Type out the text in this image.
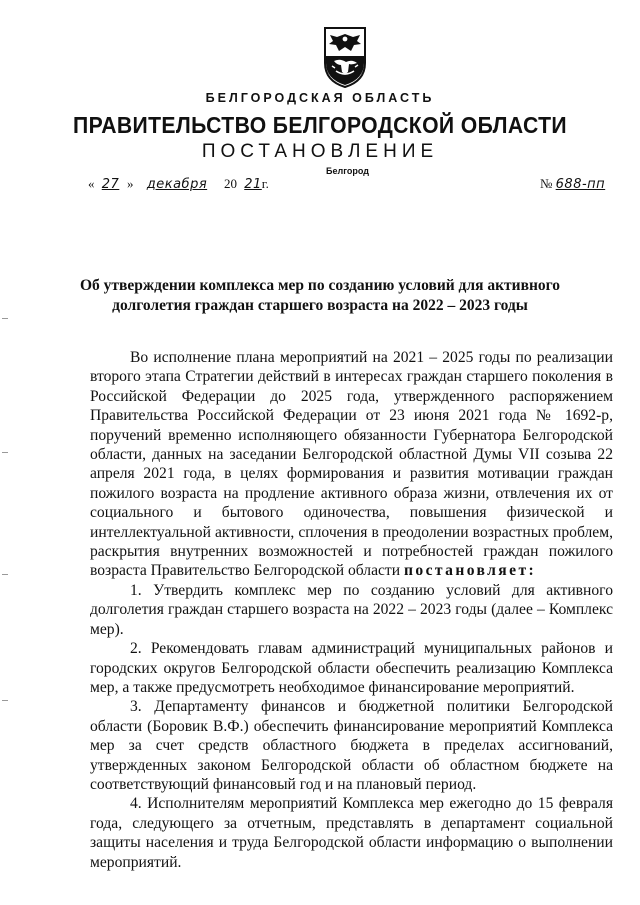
БЕЛГОРОДСКАЯ ОБЛАСТЬ
ПРАВИТЕЛЬСТВО БЕЛГОРОДСКОЙ ОБЛАСТИ
ПОСТАНОВЛЕНИЕ
Белгород
« 27 » декабря 20 21г.	№ 688-пп
Об утверждении комплекса мер по созданию условий для активного
долголетия граждан старшего возраста на 2022 – 2023 годы

Во исполнение плана мероприятий на 2021 – 2025 годы по реализации второго этапа Стратегии действий в интересах граждан старшего поколения в Российской Федерации до 2025 года, утвержденного распоряжением Правительства Российской Федерации от 23 июня 2021 года № 1692-р, поручений временно исполняющего обязанности Губернатора Белгородской области, данных на заседании Белгородской областной Думы VII созыва 22 апреля 2021 года, в целях формирования и развития мотивации граждан пожилого возраста на продление активного образа жизни, отвлечения их от социального и бытового одиночества, повышения физической и интеллектуальной активности, сплочения в преодолении возрастных проблем, раскрытия внутренних возможностей и потребностей граждан пожилого возраста Правительство Белгородской области постановляет:

1. Утвердить комплекс мер по созданию условий для активного долголетия граждан старшего возраста на 2022 – 2023 годы (далее – Комплекс мер).

2. Рекомендовать главам администраций муниципальных районов и городских округов Белгородской области обеспечить реализацию Комплекса мер, а также предусмотреть необходимое финансирование мероприятий.

3. Департаменту финансов и бюджетной политики Белгородской области (Боровик В.Ф.) обеспечить финансирование мероприятий Комплекса мер за счет средств областного бюджета в пределах ассигнований, утвержденных законом Белгородской области об областном бюджете на соответствующий финансовый год и на плановый период.

4. Исполнителям мероприятий Комплекса мер ежегодно до 15 февраля года, следующего за отчетным, представлять в департамент социальной защиты населения и труда Белгородской области информацию о выполнении мероприятий.
